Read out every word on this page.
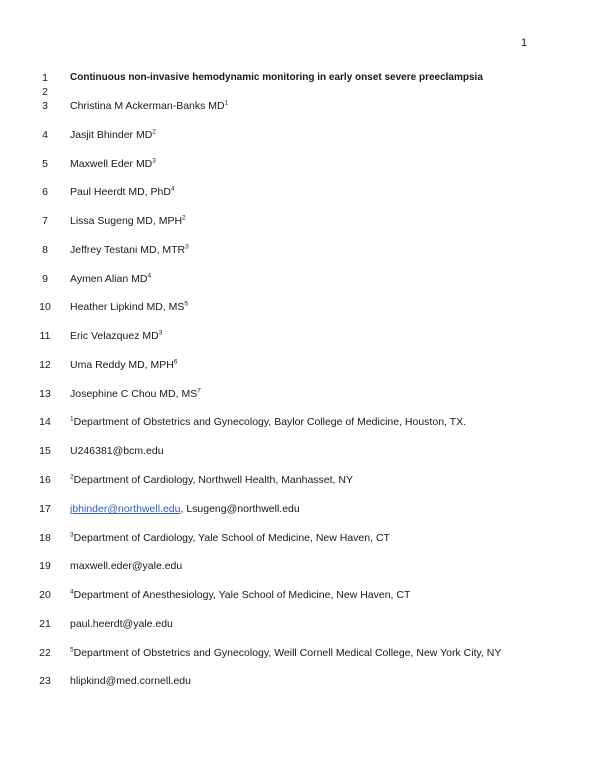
1
1	Continuous non-invasive hemodynamic monitoring in early onset severe preeclampsia
2
3	Christina M Ackerman-Banks $MD^1$
4	Jasjit Bhinder $MD^2$
5	Maxwell Eder $MD^3$
6	Paul Heerdt MD, PhD$^4$
7	Lissa Sugeng MD, MPH$^2$
8	Jeffrey Testani MD, MTR$^3$
9	Aymen Alian $MD^4$
10	Heather Lipkind MD, $MS^5$
11	Eric Velazquez $MD^3$
12	Uma Reddy MD, MPH$^6$
13	Josephine C Chou MD, $MS^7$
14	$^1$Department of Obstetrics and Gynecology, Baylor College of Medicine, Houston, TX.
15	U246381@bcm.edu
16	$^2$Department of Cardiology, Northwell Health, Manhasset, NY
17	jbhinder@northwell.edu, Lsugeng@northwell.edu
18	$^3$Department of Cardiology, Yale School of Medicine, New Haven, CT
19	maxwell.eder@yale.edu
20	$^4$Department of Anesthesiology, Yale School of Medicine, New Haven, CT
21	paul.heerdt@yale.edu
22	$^5$Department of Obstetrics and Gynecology, Weill Cornell Medical College, New York City, NY
23	hlipkind@med.cornell.edu
